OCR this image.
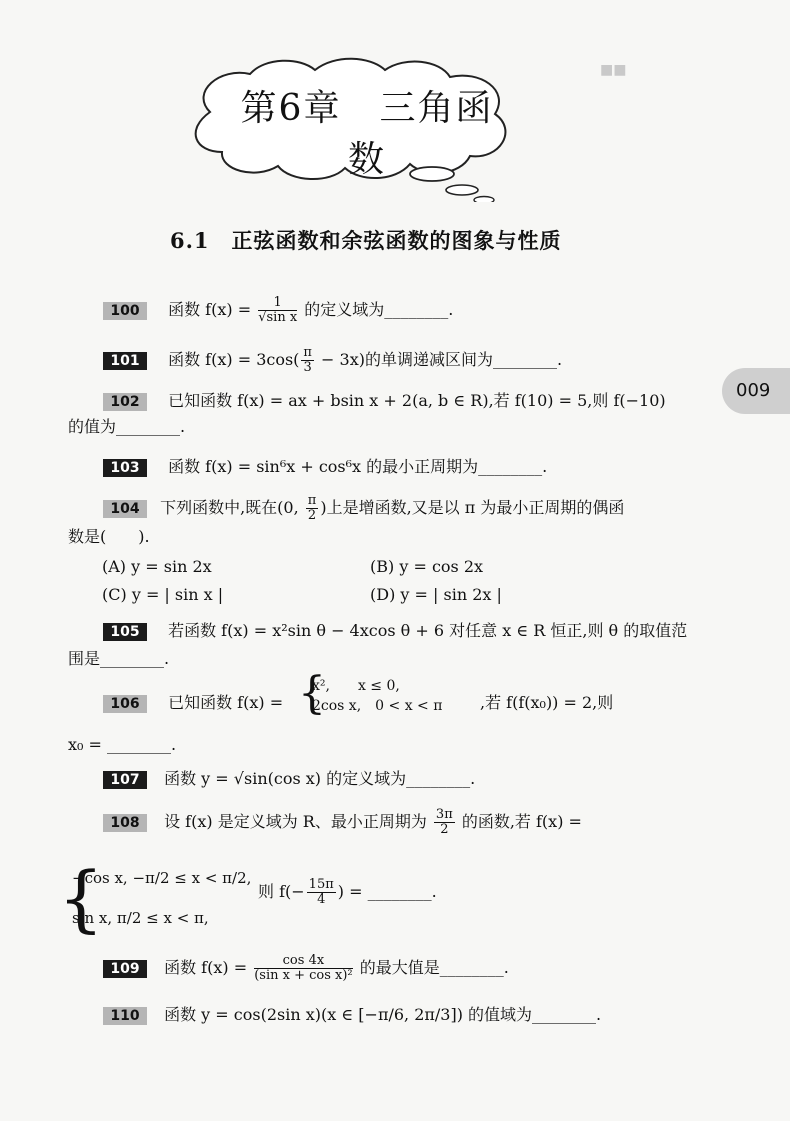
■■
第6章　三角函数
6.1　正弦函数和余弦函数的图象与性质
009
100 函数 $f(x) = \frac{1}{\text{√sin x}}$ 的定义域为________.
101 函数 $f(x) = 3\cos( \frac{\pi}{3} - 3x)$的单调递减区间为________.
102 已知函数 f(x) = ax + bsin x + 2(a, b ∈ R),若 f(10) = 5,则 f(−10)
的值为________.
103 函数 f(x) = sin⁶x + cos⁶x 的最小正周期为________.
104 下列函数中,既在(0, $\frac{\pi}{2}$ )上是增函数,又是以 π 为最小正周期的偶函
数是(　　).
(A) y = sin 2x	(B) y = cos 2x
(C) y = | sin x |	(D) y = | sin 2x |
105 若函数 f(x) = x²sin θ − 4xcos θ + 6 对任意 x ∈ R 恒正,则 θ 的取值范
围是________.
106 已知函数 f(x) = {
x²,　　x ≤ 0,
2cos x,　0 < x < π ,若 f(f(x₀)) = 2,则
x₀ = ________.
107 函数 y = √sin(cos x) 的定义域为________.
108 设 f(x) 是定义域为 R、最小正周期为 $\frac{3\pi}{2}$ 的函数,若 f(x) =
{
−cos x, −π/2 ≤ x < π/2,
sin x, π/2 ≤ x < π,
则 $f(- \frac{15\pi}{4}$ ) = ________.
109 函数 $f(x) = \frac{\cos 4x}{\text{(sin x + cos x)²}}$ 的最大值是________.
110 函数 y = cos(2sin x)(x ∈ [−π/6, 2π/3]) 的值域为________.
